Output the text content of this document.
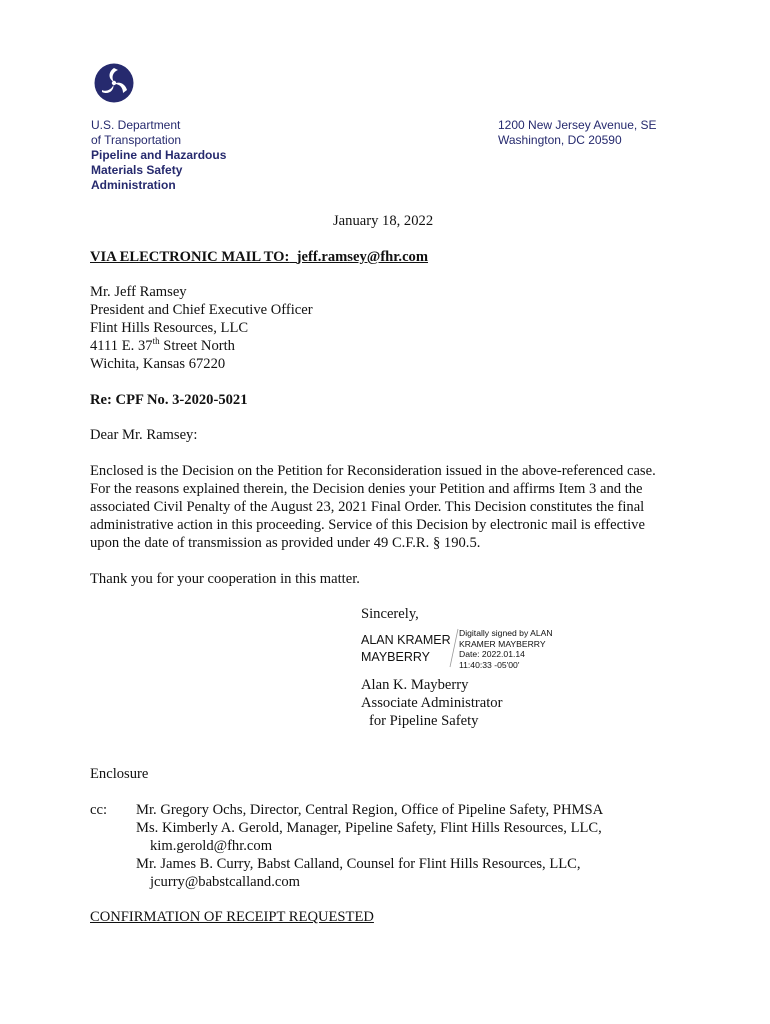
U.S. Department
of Transportation
Pipeline and Hazardous
Materials Safety
Administration
1200 New Jersey Avenue, SE
Washington, DC 20590
January 18, 2022
VIA ELECTRONIC MAIL TO: jeff.ramsey@fhr.com
Mr. Jeff Ramsey
President and Chief Executive Officer
Flint Hills Resources, LLC
4111 E. 37th Street North
Wichita, Kansas 67220
Re: CPF No. 3-2020-5021
Dear Mr. Ramsey:
Enclosed is the Decision on the Petition for Reconsideration issued in the above-referenced case.
For the reasons explained therein, the Decision denies your Petition and affirms Item 3 and the
associated Civil Penalty of the August 23, 2021 Final Order. This Decision constitutes the final
administrative action in this proceeding. Service of this Decision by electronic mail is effective
upon the date of transmission as provided under 49 C.F.R. § 190.5.
Thank you for your cooperation in this matter.
Sincerely,
ALAN KRAMER
MAYBERRY
Digitally signed by ALAN
KRAMER MAYBERRY
Date: 2022.01.14
11:40:33 -05'00'
Alan K. Mayberry
Associate Administrator
for Pipeline Safety
Enclosure
cc: Mr. Gregory Ochs, Director, Central Region, Office of Pipeline Safety, PHMSA
Ms. Kimberly A. Gerold, Manager, Pipeline Safety, Flint Hills Resources, LLC,
kim.gerold@fhr.com
Mr. James B. Curry, Babst Calland, Counsel for Flint Hills Resources, LLC,
jcurry@babstcalland.com
CONFIRMATION OF RECEIPT REQUESTED
